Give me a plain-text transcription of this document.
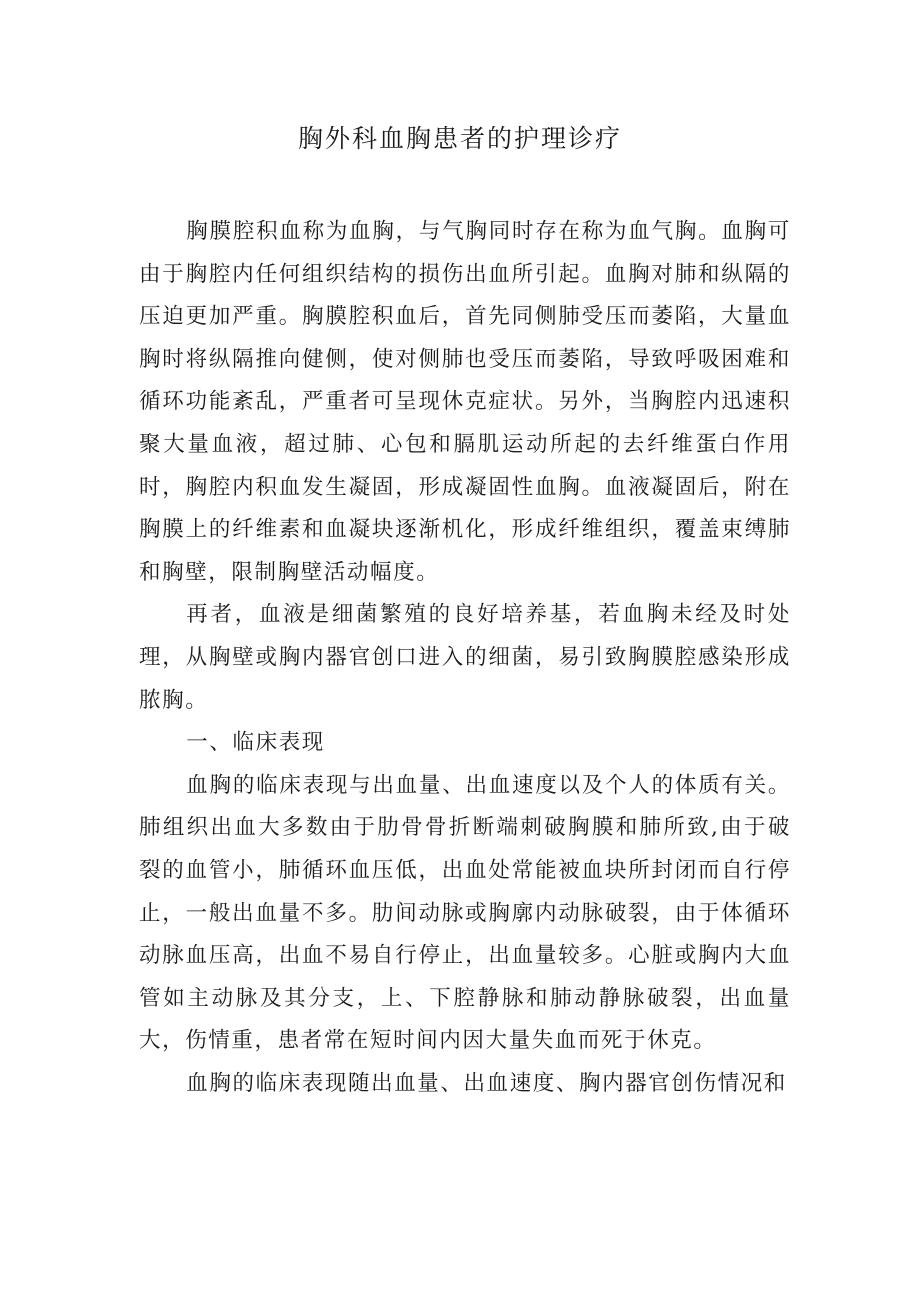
胸外科血胸患者的护理诊疗

胸膜腔积血称为血胸，与气胸同时存在称为血气胸。血胸可由于胸腔内任何组织结构的损伤出血所引起。血胸对肺和纵隔的压迫更加严重。胸膜腔积血后，首先同侧肺受压而萎陷，大量血胸时将纵隔推向健侧，使对侧肺也受压而萎陷，导致呼吸困难和循环功能紊乱，严重者可呈现休克症状。另外，当胸腔内迅速积聚大量血液，超过肺、心包和膈肌运动所起的去纤维蛋白作用时，胸腔内积血发生凝固，形成凝固性血胸。血液凝固后，附在胸膜上的纤维素和血凝块逐渐机化，形成纤维组织，覆盖束缚肺和胸壁，限制胸壁活动幅度。

再者，血液是细菌繁殖的良好培养基，若血胸未经及时处理，从胸壁或胸内器官创口进入的细菌，易引致胸膜腔感染形成脓胸。

一、临床表现

血胸的临床表现与出血量、出血速度以及个人的体质有关。肺组织出血大多数由于肋骨骨折断端刺破胸膜和肺所致,由于破裂的血管小，肺循环血压低，出血处常能被血块所封闭而自行停止，一般出血量不多。肋间动脉或胸廓内动脉破裂，由于体循环动脉血压高，出血不易自行停止，出血量较多。心脏或胸内大血管如主动脉及其分支，上、下腔静脉和肺动静脉破裂，出血量大，伤情重，患者常在短时间内因大量失血而死于休克。

血胸的临床表现随出血量、出血速度、胸内器官创伤情况和
